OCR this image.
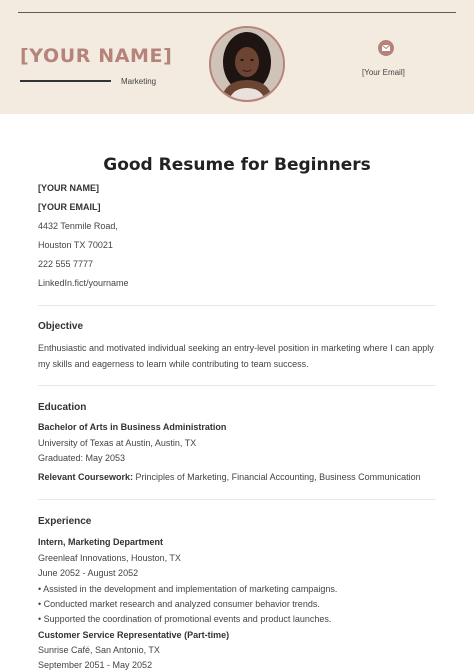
[YOUR NAME]
Marketing
[Your Email]
Good Resume for Beginners
[YOUR NAME]
[YOUR EMAIL]
4432 Tenmile Road,
Houston TX 70021
222 555 7777
LinkedIn.fict/yourname
Objective
Enthusiastic and motivated individual seeking an entry-level position in marketing where I can apply my skills and eagerness to learn while contributing to team success.
Education
Bachelor of Arts in Business Administration
University of Texas at Austin, Austin, TX
Graduated: May 2053
Relevant Coursework: Principles of Marketing, Financial Accounting, Business Communication
Experience
Intern, Marketing Department
Greenleaf Innovations, Houston, TX
June 2052 - August 2052
• Assisted in the development and implementation of marketing campaigns.
• Conducted market research and analyzed consumer behavior trends.
• Supported the coordination of promotional events and product launches.
Customer Service Representative (Part-time)
Sunrise Café, San Antonio, TX
September 2051 - May 2052
